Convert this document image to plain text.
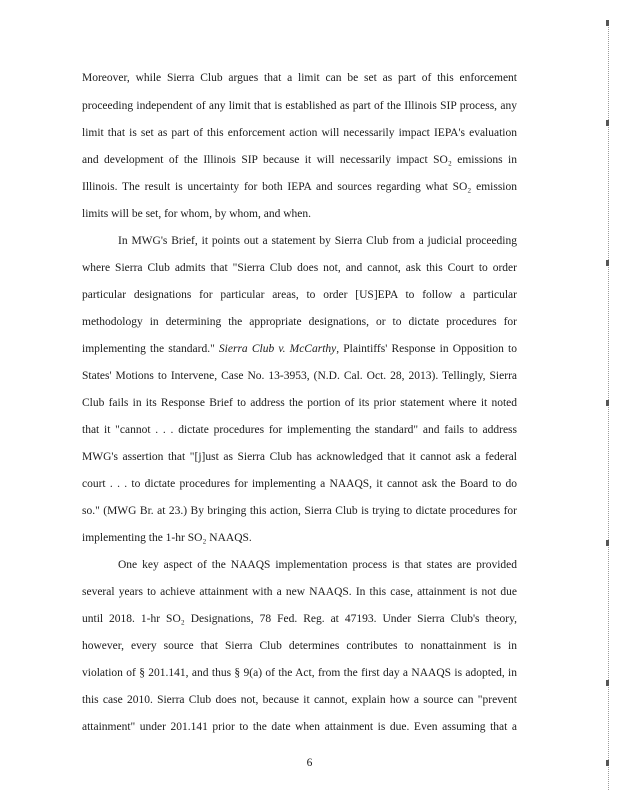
Moreover, while Sierra Club argues that a limit can be set as part of this enforcement
proceeding independent of any limit that is established as part of the Illinois SIP process, any
limit that is set as part of this enforcement action will necessarily impact IEPA's evaluation
and development of the Illinois SIP because it will necessarily impact SO₂ emissions in
Illinois. The result is uncertainty for both IEPA and sources regarding what SO₂ emission
limits will be set, for whom, by whom, and when.
In MWG's Brief, it points out a statement by Sierra Club from a judicial proceeding
where Sierra Club admits that "Sierra Club does not, and cannot, ask this Court to order
particular designations for particular areas, to order [US]EPA to follow a particular
methodology in determining the appropriate designations, or to dictate procedures for
implementing the standard." Sierra Club v. McCarthy, Plaintiffs' Response in Opposition to
States' Motions to Intervene, Case No. 13-3953, (N.D. Cal. Oct. 28, 2013). Tellingly, Sierra
Club fails in its Response Brief to address the portion of its prior statement where it noted
that it "cannot . . . dictate procedures for implementing the standard" and fails to address
MWG's assertion that "[j]ust as Sierra Club has acknowledged that it cannot ask a federal
court . . . to dictate procedures for implementing a NAAQS, it cannot ask the Board to do
so." (MWG Br. at 23.) By bringing this action, Sierra Club is trying to dictate procedures for
implementing the 1-hr SO₂ NAAQS.
One key aspect of the NAAQS implementation process is that states are provided
several years to achieve attainment with a new NAAQS. In this case, attainment is not due
until 2018. 1-hr SO₂ Designations, 78 Fed. Reg. at 47193. Under Sierra Club's theory,
however, every source that Sierra Club determines contributes to nonattainment is in
violation of § 201.141, and thus § 9(a) of the Act, from the first day a NAAQS is adopted, in
this case 2010. Sierra Club does not, because it cannot, explain how a source can "prevent
attainment" under 201.141 prior to the date when attainment is due. Even assuming that a
6
